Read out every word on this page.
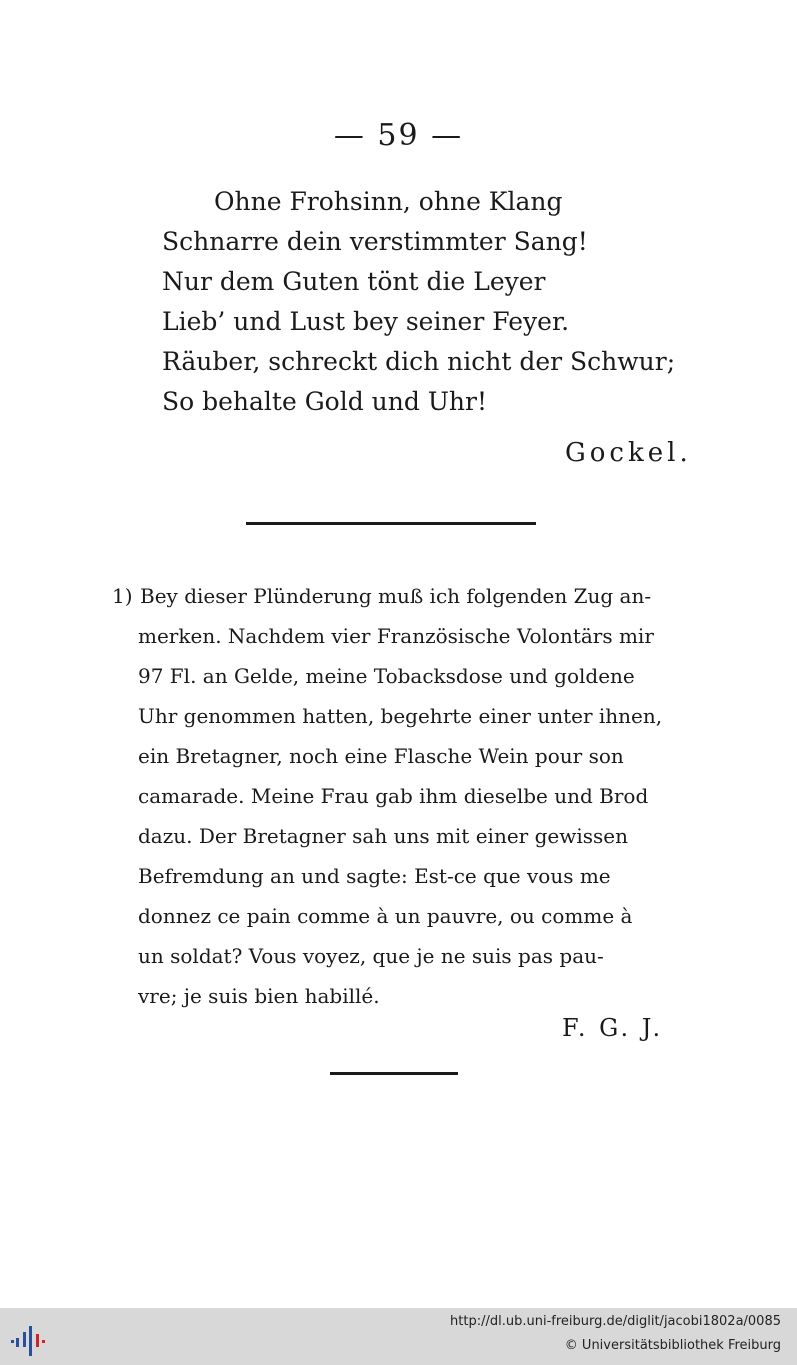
— 59 —
Ohne Frohsinn, ohne Klang
Schnarre dein verstimmter Sang!
Nur dem Guten tönt die Leyer
Lieb’ und Lust bey seiner Feyer.
Räuber, schreckt dich nicht der Schwur;
So behalte Gold und Uhr!
Gockel.
1) Bey dieser Plünderung muß ich folgenden Zug an-
merken. Nachdem vier Französische Volontärs mir
97 Fl. an Gelde, meine Tobacksdose und goldene
Uhr genommen hatten, begehrte einer unter ihnen,
ein Bretagner, noch eine Flasche Wein pour son
camarade. Meine Frau gab ihm dieselbe und Brod
dazu. Der Bretagner sah uns mit einer gewissen
Befremdung an und sagte: Est-ce que vous me
donnez ce pain comme à un pauvre, ou comme à
un soldat? Vous voyez, que je ne suis pas pau-
vre; je suis bien habillé.
F. G. J.
http://dl.ub.uni-freiburg.de/diglit/jacobi1802a/0085
© Universitätsbibliothek Freiburg
